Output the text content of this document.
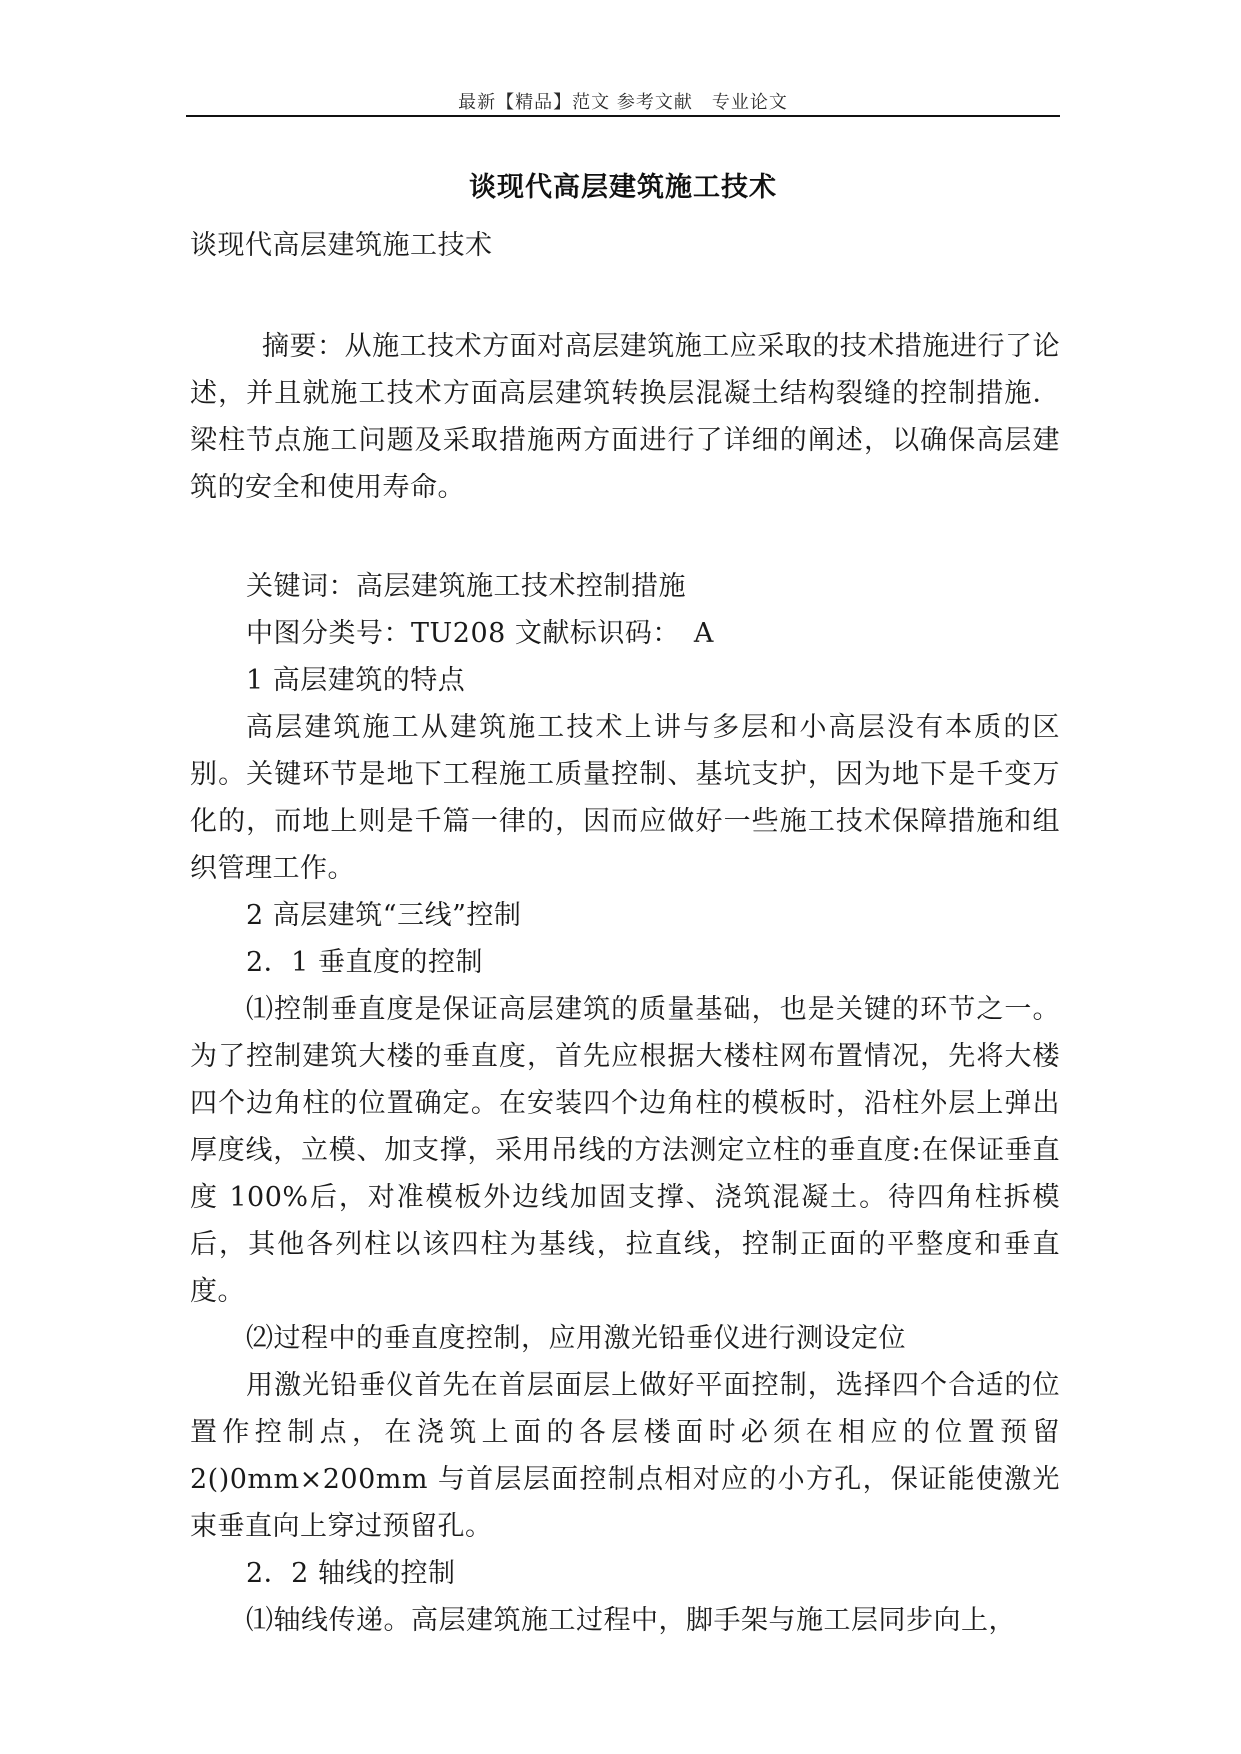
最新【精品】范文 参考文献　专业论文
谈现代高层建筑施工技术

谈现代高层建筑施工技术

摘要：从施工技术方面对高层建筑施工应采取的技术措施进行了论述，并且就施工技术方面高层建筑转换层混凝土结构裂缝的控制措施．梁柱节点施工问题及采取措施两方面进行了详细的阐述，以确保高层建筑的安全和使用寿命。

关键词：高层建筑施工技术控制措施

中图分类号：TU208 文献标识码：　A

1 高层建筑的特点

高层建筑施工从建筑施工技术上讲与多层和小高层没有本质的区别。关键环节是地下工程施工质量控制、基坑支护，因为地下是千变万化的，而地上则是千篇一律的，因而应做好一些施工技术保障措施和组织管理工作。

2 高层建筑“三线”控制

2．1 垂直度的控制

⑴控制垂直度是保证高层建筑的质量基础，也是关键的环节之一。为了控制建筑大楼的垂直度，首先应根据大楼柱网布置情况，先将大楼四个边角柱的位置确定。在安装四个边角柱的模板时，沿柱外层上弹出厚度线，立模、加支撑，采用吊线的方法测定立柱的垂直度:在保证垂直度 100%后，对准模板外边线加固支撑、浇筑混凝土。待四角柱拆模后，其他各列柱以该四柱为基线，拉直线，控制正面的平整度和垂直度。

⑵过程中的垂直度控制，应用激光铅垂仪进行测设定位

用激光铅垂仪首先在首层面层上做好平面控制，选择四个合适的位置作控制点，在浇筑上面的各层楼面时必须在相应的位置预留 2()0mm×200mm 与首层层面控制点相对应的小方孔，保证能使激光束垂直向上穿过预留孔。

2．2 轴线的控制

⑴轴线传递。高层建筑施工过程中，脚手架与施工层同步向上，
